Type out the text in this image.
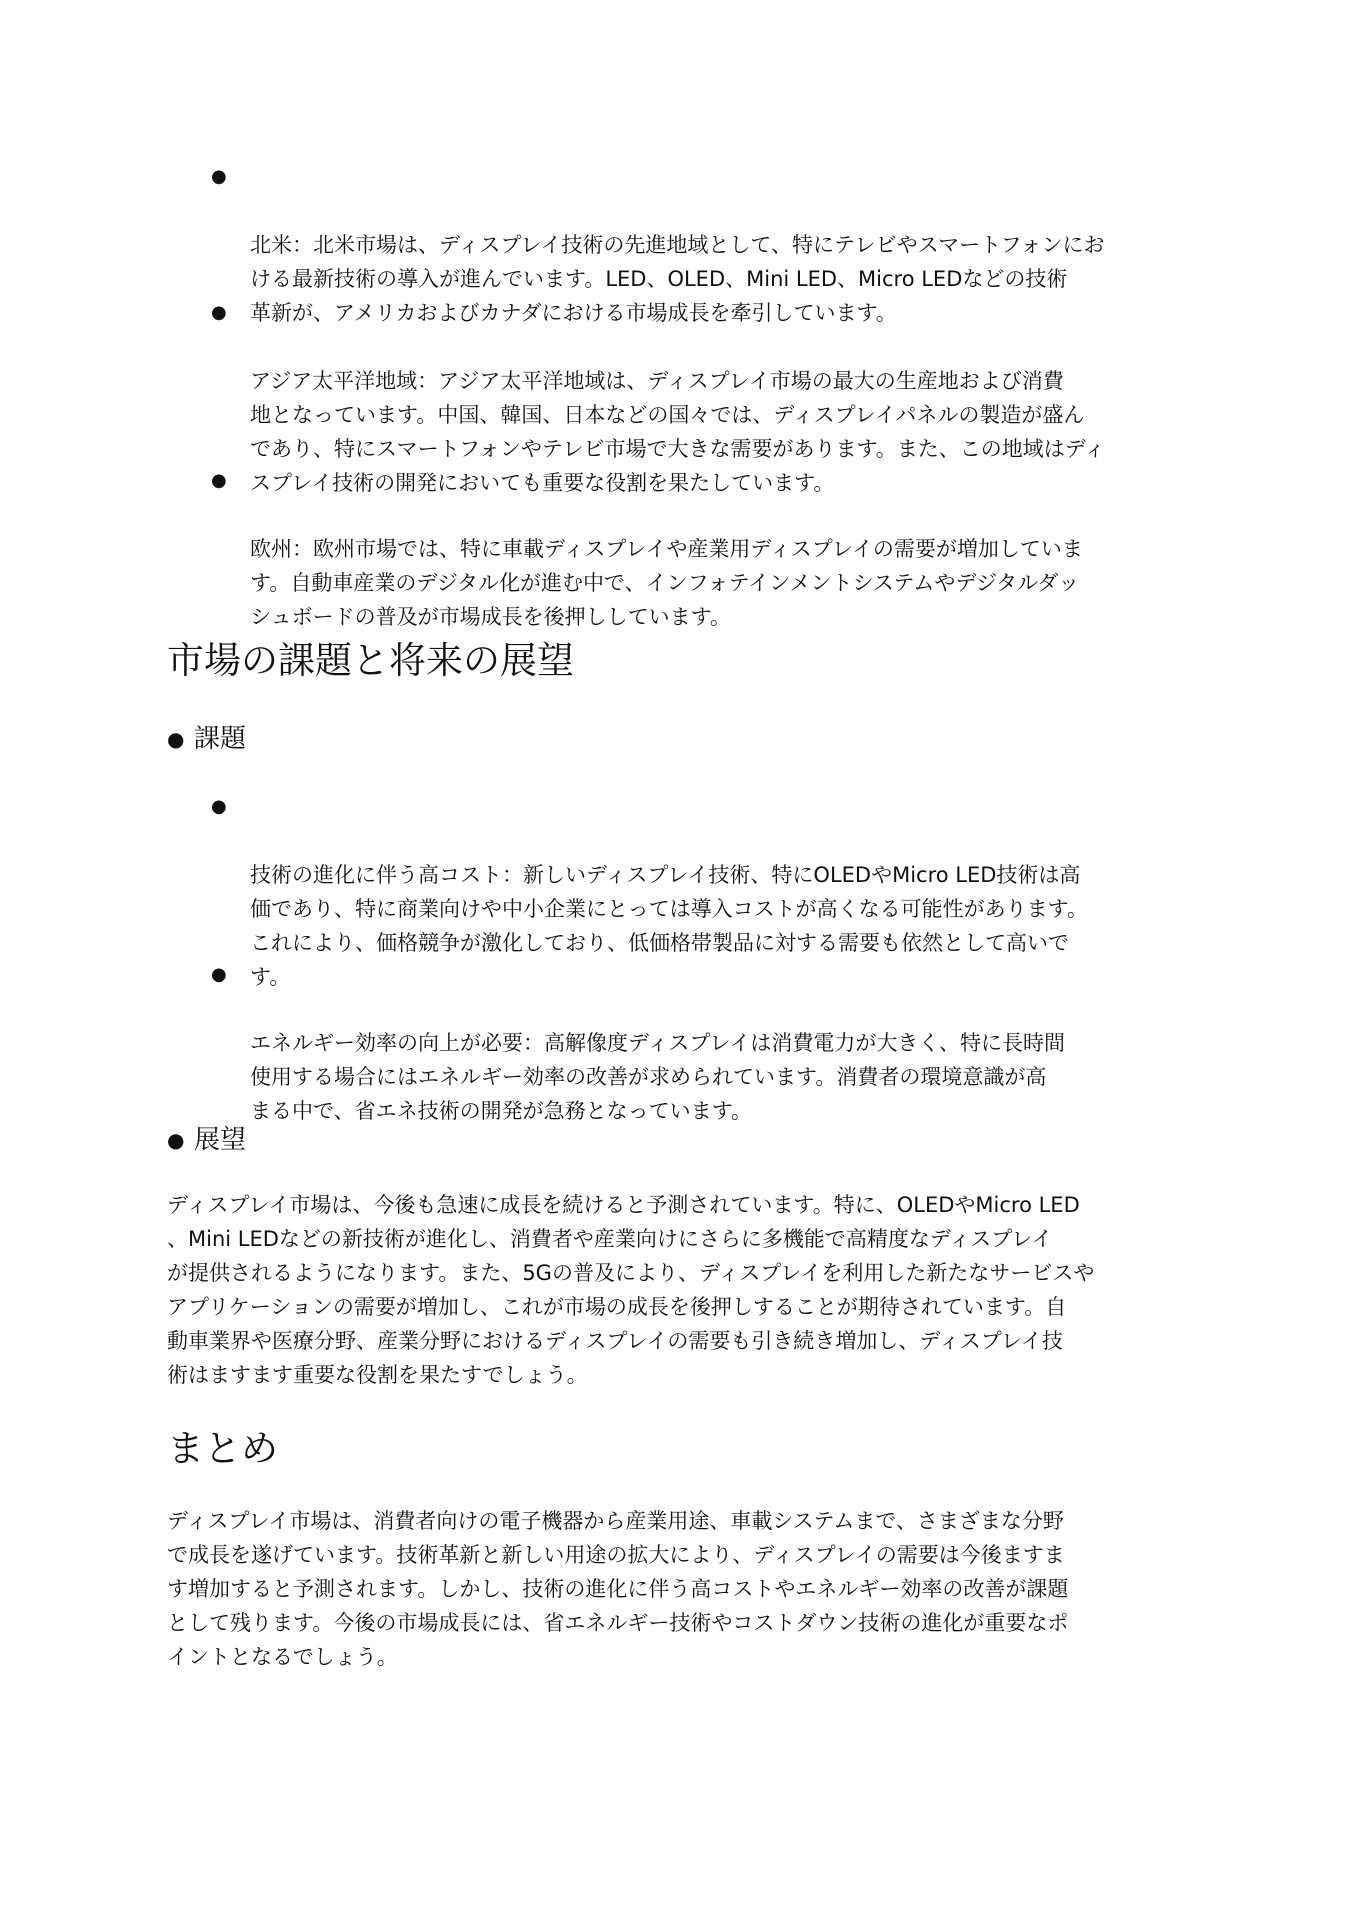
●

北米：北米市場は、ディスプレイ技術の先進地域として、特にテレビやスマートフォンにお
ける最新技術の導入が進んでいます。LED、OLED、Mini LED、Micro LEDなどの技術
革新が、アメリカおよびカナダにおける市場成長を牽引しています。

●

アジア太平洋地域：アジア太平洋地域は、ディスプレイ市場の最大の生産地および消費
地となっています。中国、韓国、日本などの国々では、ディスプレイパネルの製造が盛ん
であり、特にスマートフォンやテレビ市場で大きな需要があります。また、この地域はディ
スプレイ技術の開発においても重要な役割を果たしています。

●

欧州：欧州市場では、特に車載ディスプレイや産業用ディスプレイの需要が増加していま
す。自動車産業のデジタル化が進む中で、インフォテインメントシステムやデジタルダッ
シュボードの普及が市場成長を後押ししています。

市場の課題と将来の展望
● 課題

●

技術の進化に伴う高コスト：新しいディスプレイ技術、特にOLEDやMicro LED技術は高
価であり、特に商業向けや中小企業にとっては導入コストが高くなる可能性があります。
これにより、価格競争が激化しており、低価格帯製品に対する需要も依然として高いで
す。

●

エネルギー効率の向上が必要：高解像度ディスプレイは消費電力が大きく、特に長時間
使用する場合にはエネルギー効率の改善が求められています。消費者の環境意識が高
まる中で、省エネ技術の開発が急務となっています。

● 展望

ディスプレイ市場は、今後も急速に成長を続けると予測されています。特に、OLEDやMicro LED
、Mini LEDなどの新技術が進化し、消費者や産業向けにさらに多機能で高精度なディスプレイ
が提供されるようになります。また、5Gの普及により、ディスプレイを利用した新たなサービスや
アプリケーションの需要が増加し、これが市場の成長を後押しすることが期待されています。自
動車業界や医療分野、産業分野におけるディスプレイの需要も引き続き増加し、ディスプレイ技
術はますます重要な役割を果たすでしょう。

まとめ

ディスプレイ市場は、消費者向けの電子機器から産業用途、車載システムまで、さまざまな分野
で成長を遂げています。技術革新と新しい用途の拡大により、ディスプレイの需要は今後ますま
す増加すると予測されます。しかし、技術の進化に伴う高コストやエネルギー効率の改善が課題
として残ります。今後の市場成長には、省エネルギー技術やコストダウン技術の進化が重要なポ
イントとなるでしょう。
